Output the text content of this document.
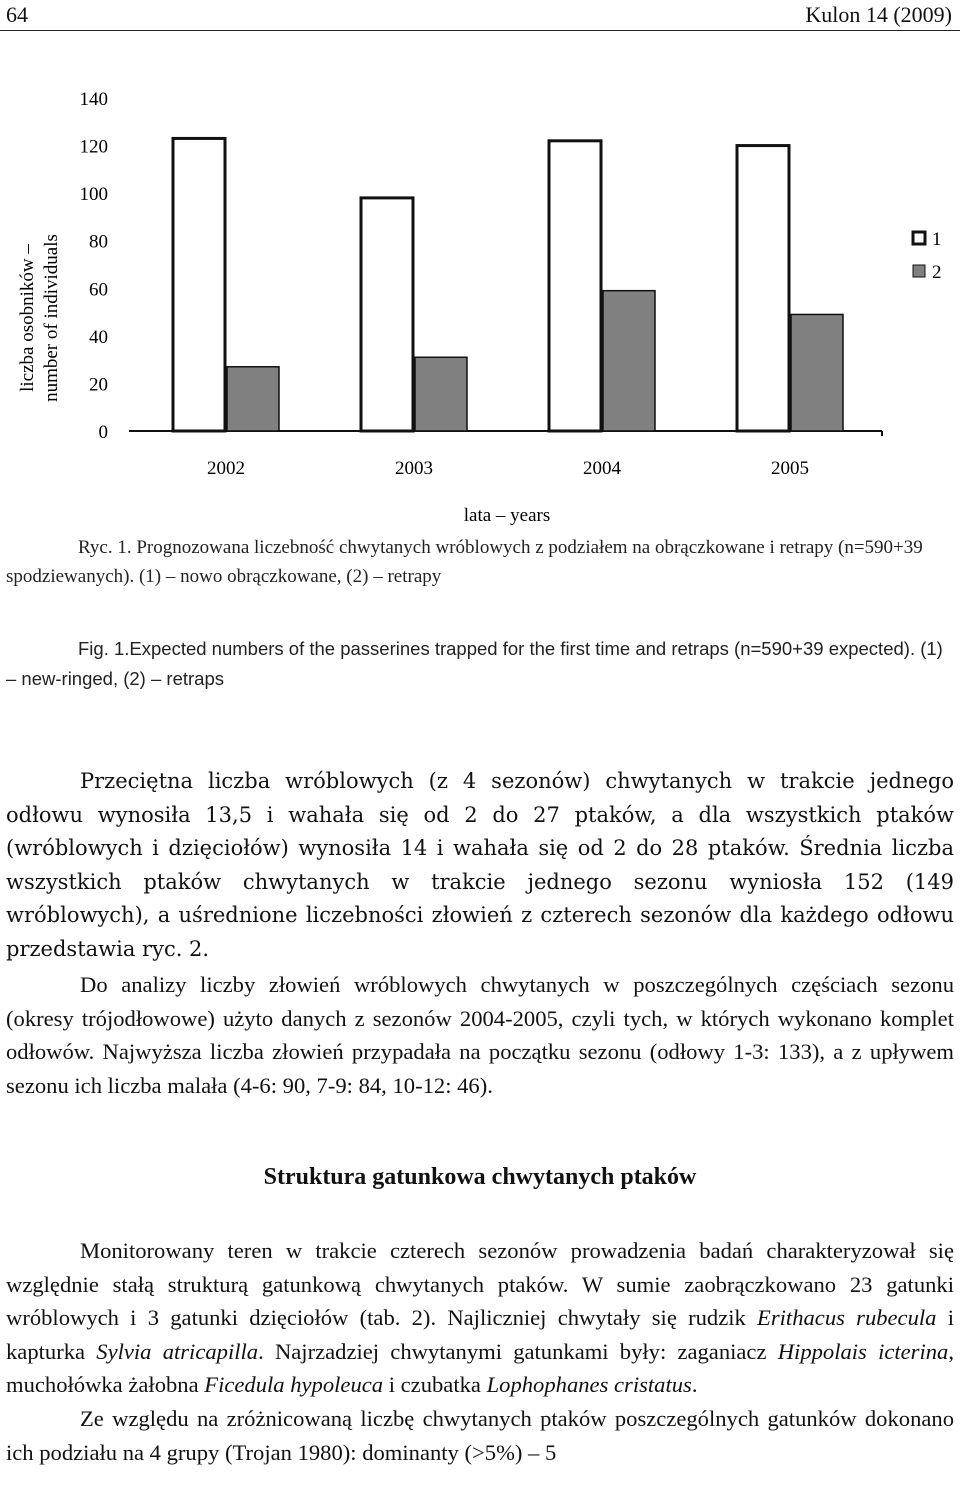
64	Kulon 14 (2009)
liczba osobników – number of individuals
0
20
40
60
80
100
120
140
2002	2003	2004	2005
lata – years
1
2
Ryc. 1. Prognozowana liczebność chwytanych wróblowych z podziałem na obrączkowane i retrapy (n=590+39 spodziewanych). (1) – nowo obrączkowane, (2) – retrapy
Fig. 1.Expected numbers of the passerines trapped for the first time and retraps (n=590+39 expected). (1) – new-ringed, (2) – retraps

Przeciętna liczba wróblowych (z 4 sezonów) chwytanych w trakcie jednego odłowu wynosiła 13,5 i wahała się od 2 do 27 ptaków, a dla wszystkich ptaków (wróblowych i dzięciołów) wynosiła 14 i wahała się od 2 do 28 ptaków. Średnia liczba wszystkich ptaków chwytanych w trakcie jednego sezonu wyniosła 152 (149 wróblowych), a uśrednione liczebności złowień z czterech sezonów dla każdego odłowu przedstawia ryc. 2.

Do analizy liczby złowień wróblowych chwytanych w poszczególnych częściach sezonu (okresy trójodłowowe) użyto danych z sezonów 2004-2005, czyli tych, w których wykonano komplet odłowów. Najwyższa liczba złowień przypadała na początku sezonu (odłowy 1-3: 133), a z upływem sezonu ich liczba malała (4-6: 90, 7-9: 84, 10-12: 46).

Struktura gatunkowa chwytanych ptaków

Monitorowany teren w trakcie czterech sezonów prowadzenia badań charakteryzował się względnie stałą strukturą gatunkową chwytanych ptaków. W sumie zaobrączkowano 23 gatunki wróblowych i 3 gatunki dzięciołów (tab. 2). Najliczniej chwytały się rudzik Erithacus rubecula i kapturka Sylvia atricapilla. Najrzadziej chwytanymi gatunkami były: zaganiacz Hippolais icterina, muchołówka żałobna Ficedula hypoleuca i czubatka Lophophanes cristatus.

Ze względu na zróżnicowaną liczbę chwytanych ptaków poszczególnych gatunków dokonano ich podziału na 4 grupy (Trojan 1980): dominanty (>5%) – 5
